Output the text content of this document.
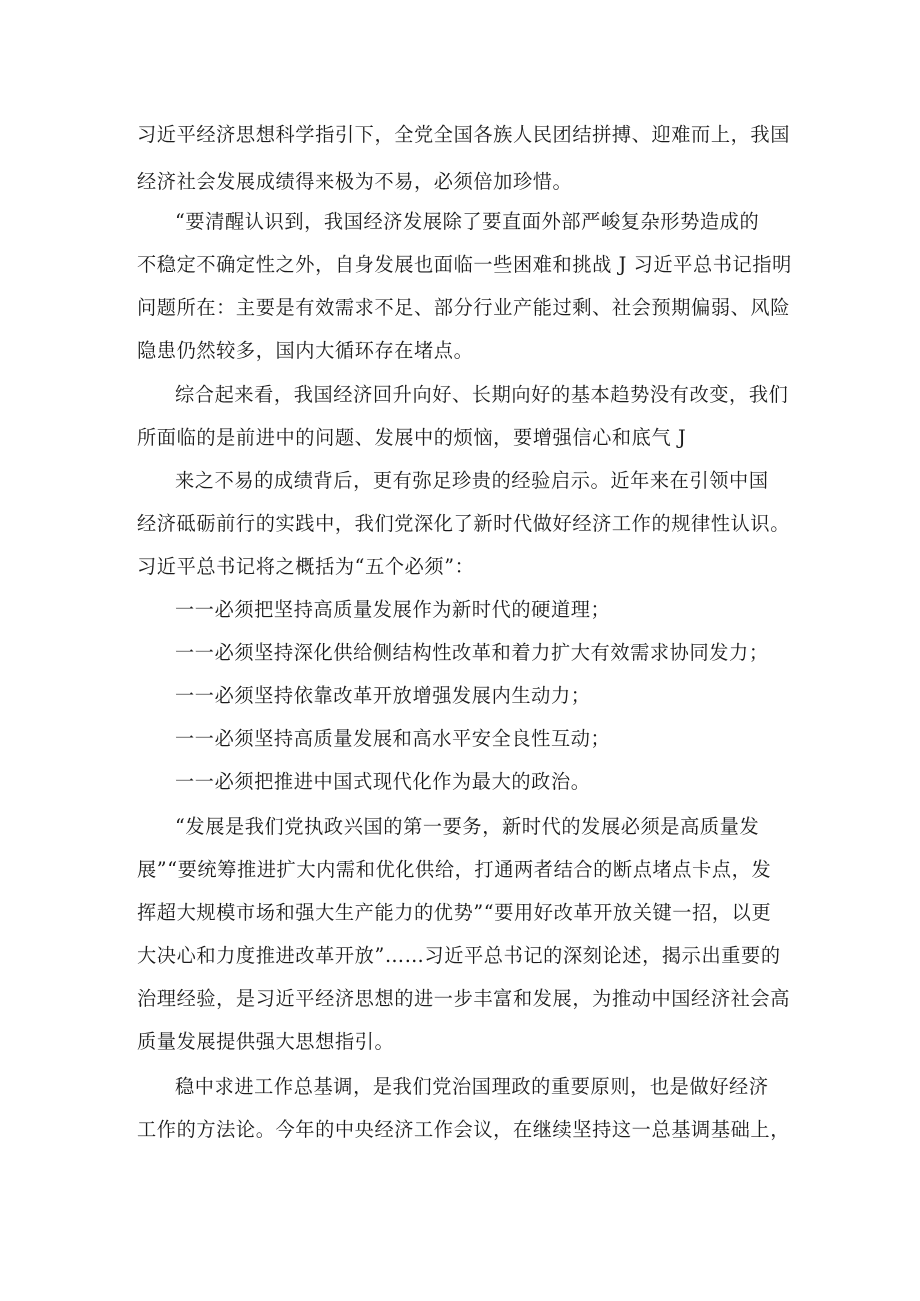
习近平经济思想科学指引下，全党全国各族人民团结拼搏、迎难而上，我国

经济社会发展成绩得来极为不易，必须倍加珍惜。

“要清醒认识到，我国经济发展除了要直面外部严峻复杂形势造成的

不稳定不确定性之外，自身发展也面临一些困难和挑战 J 习近平总书记指明

问题所在：主要是有效需求不足、部分行业产能过剩、社会预期偏弱、风险

隐患仍然较多，国内大循环存在堵点。

综合起来看，我国经济回升向好、长期向好的基本趋势没有改变，我们

所面临的是前进中的问题、发展中的烦恼，要增强信心和底气 J

来之不易的成绩背后，更有弥足珍贵的经验启示。近年来在引领中国

经济砥砺前行的实践中，我们党深化了新时代做好经济工作的规律性认识。

习近平总书记将之概括为“五个必须”：

一一必须把坚持高质量发展作为新时代的硬道理；

一一必须坚持深化供给侧结构性改革和着力扩大有效需求协同发力；

一一必须坚持依靠改革开放增强发展内生动力；

一一必须坚持高质量发展和高水平安全良性互动；

一一必须把推进中国式现代化作为最大的政治。

“发展是我们党执政兴国的第一要务，新时代的发展必须是高质量发

展”“要统筹推进扩大内需和优化供给，打通两者结合的断点堵点卡点，发

挥超大规模市场和强大生产能力的优势”“要用好改革开放关键一招，以更

大决心和力度推进改革开放”……习近平总书记的深刻论述，揭示出重要的

治理经验，是习近平经济思想的进一步丰富和发展，为推动中国经济社会高

质量发展提供强大思想指引。

稳中求进工作总基调，是我们党治国理政的重要原则，也是做好经济

工作的方法论。今年的中央经济工作会议，在继续坚持这一总基调基础上，
